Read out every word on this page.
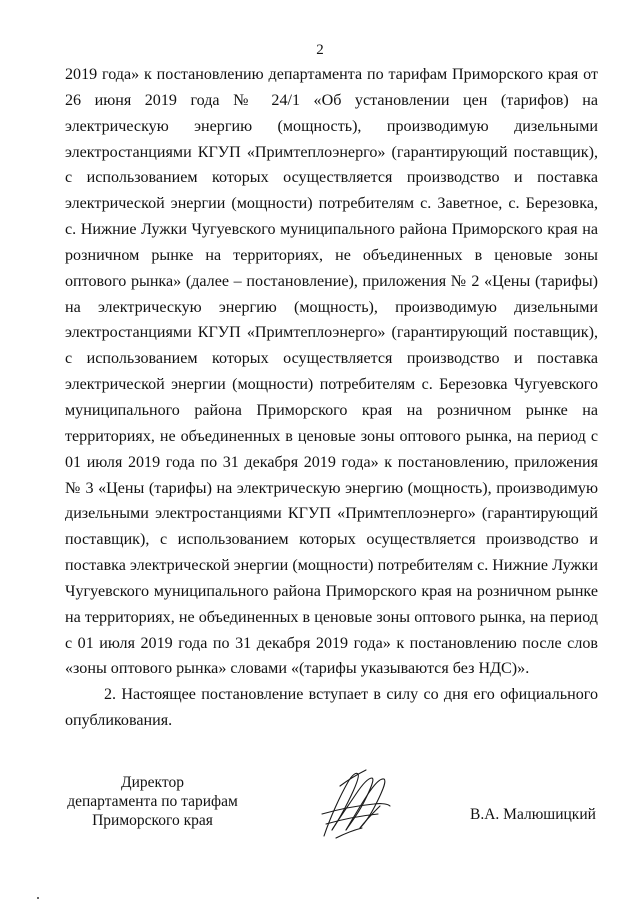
2

2019 года» к постановлению департамента по тарифам Приморского края от 26 июня 2019 года № 24/1 «Об установлении цен (тарифов) на электрическую энергию (мощность), производимую дизельными электростанциями КГУП «Примтеплоэнерго» (гарантирующий поставщик), с использованием которых осуществляется производство и поставка электрической энергии (мощности) потребителям с. Заветное, с. Березовка, с. Нижние Лужки Чугуевского муниципального района Приморского края на розничном рынке на территориях, не объединенных в ценовые зоны оптового рынка» (далее – постановление), приложения № 2 «Цены (тарифы) на электрическую энергию (мощность), производимую дизельными электростанциями КГУП «Примтеплоэнерго» (гарантирующий поставщик), с использованием которых осуществляется производство и поставка электрической энергии (мощности) потребителям с. Березовка Чугуевского муниципального района Приморского края на розничном рынке на территориях, не объединенных в ценовые зоны оптового рынка, на период с 01 июля 2019 года по 31 декабря 2019 года» к постановлению, приложения № 3 «Цены (тарифы) на электрическую энергию (мощность), производимую дизельными электростанциями КГУП «Примтеплоэнерго» (гарантирующий поставщик), с использованием которых осуществляется производство и поставка электрической энергии (мощности) потребителям с. Нижние Лужки Чугуевского муниципального района Приморского края на розничном рынке на территориях, не объединенных в ценовые зоны оптового рынка, на период с 01 июля 2019 года по 31 декабря 2019 года» к постановлению после слов «зоны оптового рынка» словами «(тарифы указываются без НДС)».

2. Настоящее постановление вступает в силу со дня его официального опубликования.

Директор
департамента по тарифам
Приморского края	В.А. Малюшицкий
